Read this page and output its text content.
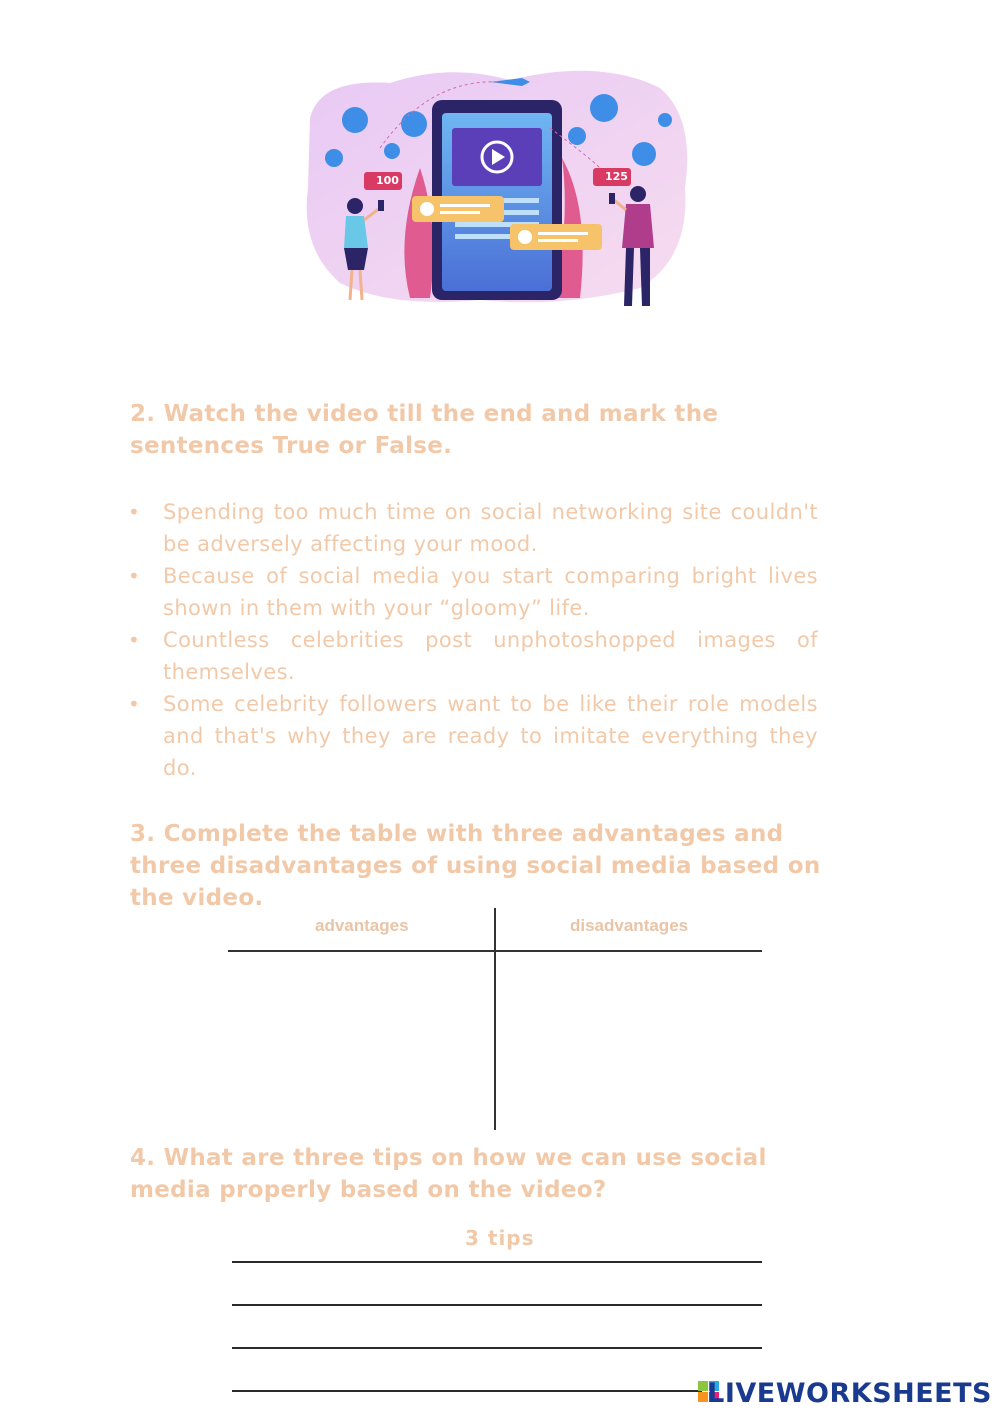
100	125
2. Watch the video till the end and mark the sentences True or False.
• Spending too much time on social networking site couldn't be adversely affecting your mood.
• Because of social media you start comparing bright lives shown in them with your “gloomy” life.
• Countless celebrities post unphotoshopped images of themselves.
• Some celebrity followers want to be like their role models and that's why they are ready to imitate everything they do.
3. Complete the table with three advantages and three disadvantages of using social media based on the video.
advantages	disadvantages
4. What are three tips on how we can use social media properly based on the video?
3 tips
LIVEWORKSHEETS
